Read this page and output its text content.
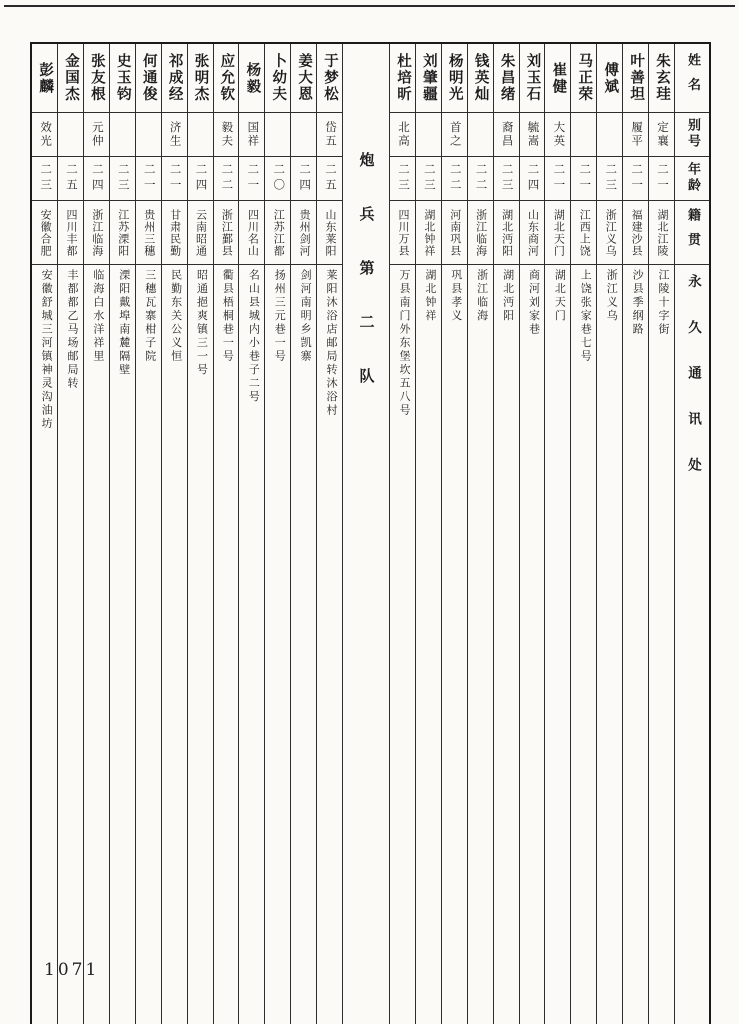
姓名
别号
年龄
籍贯
永久通讯处
朱玄珪
定襄
二一
湖北江陵
江陵十字街
叶善坦
履平
二一
福建沙县
沙县季纲路
傅斌
二三
浙江义乌
浙江义乌
马正荣
二一
江西上饶
上饶张家巷七号
崔健
大英
二一
湖北天门
湖北天门
刘玉石
毓嵩
二四
山东商河
商河刘家巷
朱昌绪
裔昌
二三
湖北沔阳
湖北沔阳
钱英灿
二二
浙江临海
浙江临海
杨明光
首之
二二
河南巩县
巩县孝义
刘肇疆
二三
湖北钟祥
湖北钟祥
杜培昕
北高
二三
四川万县
万县南门外东堡坎五八号
炮兵第二队
于梦松
岱五
二五
山东莱阳
莱阳沐浴店邮局转沐浴村
姜大恩
二四
贵州剑河
剑河南明乡凯寨
卜幼夫
二〇
江苏江都
扬州三元巷一号
杨毅
国祥
二一
四川名山
名山县城内小巷子二号
应允钦
毅夫
二二
浙江鄞县
衢县梧桐巷一号
张明杰
二四
云南昭通
昭通挹爽镇三一号
祁成经
济生
二一
甘肃民勤
民勤东关公义恒
何通俊
二一
贵州三穗
三穗瓦寨柑子院
史玉钧
二三
江苏溧阳
溧阳戴埠南麓隔壁
张友根
元仲
二四
浙江临海
临海白水洋祥里
金国杰
二五
四川丰都
丰都都乙马场邮局转
彭麟
效光
二三
安徽合肥
安徽舒城三河镇神灵沟油坊
1071
